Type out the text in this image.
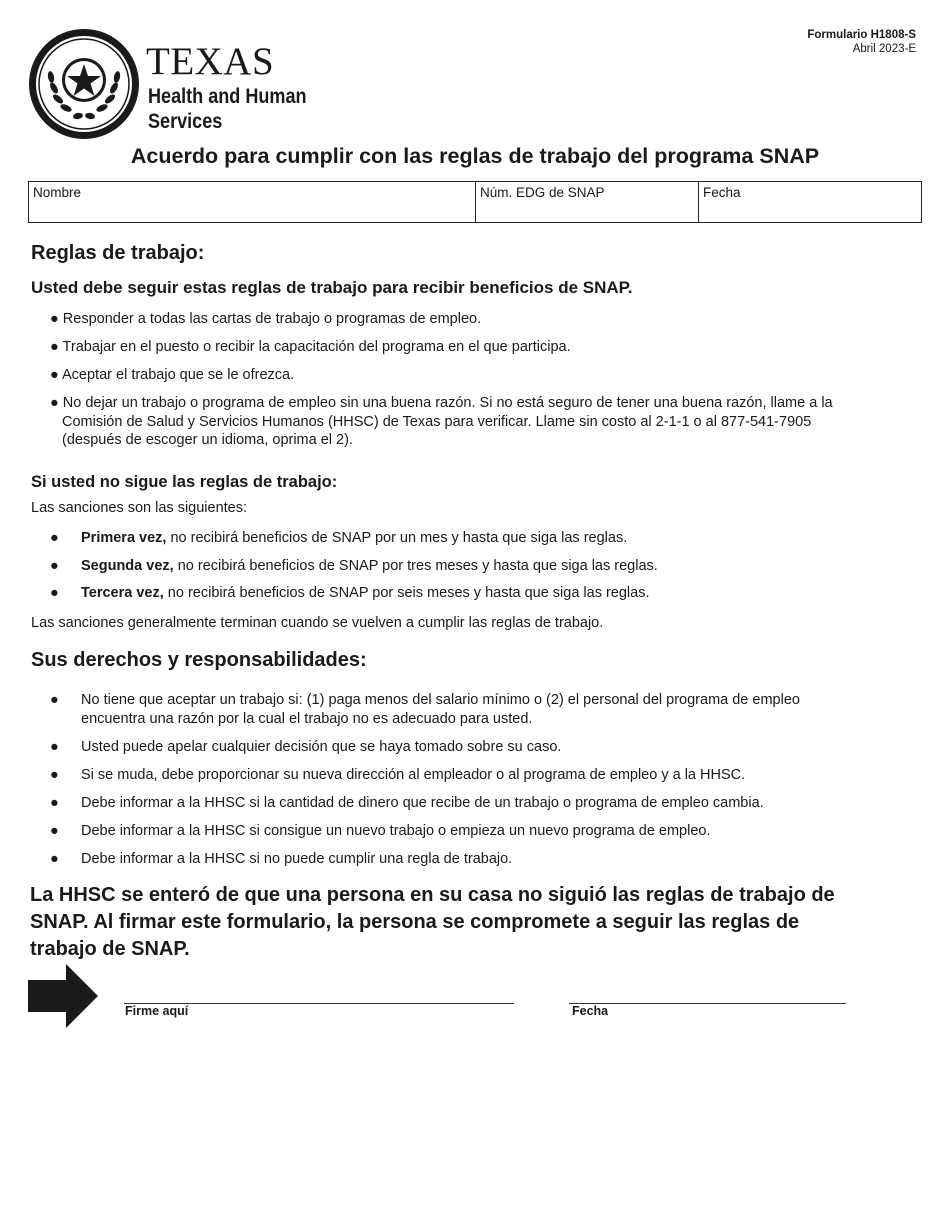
TEXAS
Health and Human
Services
Formulario H1808-S
Abril 2023-E
Acuerdo para cumplir con las reglas de trabajo del programa SNAP
Nombre	Núm. EDG de SNAP	Fecha
Reglas de trabajo:
Usted debe seguir estas reglas de trabajo para recibir beneficios de SNAP.
● Responder a todas las cartas de trabajo o programas de empleo.
● Trabajar en el puesto o recibir la capacitación del programa en el que participa.
● Aceptar el trabajo que se le ofrezca.
● No dejar un trabajo o programa de empleo sin una buena razón. Si no está seguro de tener una buena razón, llame a la
Comisión de Salud y Servicios Humanos (HHSC) de Texas para verificar. Llame sin costo al 2-1-1 o al 877-541-7905
(después de escoger un idioma, oprima el 2).
Si usted no sigue las reglas de trabajo:
Las sanciones son las siguientes:
● Primera vez, no recibirá beneficios de SNAP por un mes y hasta que siga las reglas.
● Segunda vez, no recibirá beneficios de SNAP por tres meses y hasta que siga las reglas.
● Tercera vez, no recibirá beneficios de SNAP por seis meses y hasta que siga las reglas.
Las sanciones generalmente terminan cuando se vuelven a cumplir las reglas de trabajo.
Sus derechos y responsabilidades:
● No tiene que aceptar un trabajo si: (1) paga menos del salario mínimo o (2) el personal del programa de empleo
encuentra una razón por la cual el trabajo no es adecuado para usted.
● Usted puede apelar cualquier decisión que se haya tomado sobre su caso.
● Si se muda, debe proporcionar su nueva dirección al empleador o al programa de empleo y a la HHSC.
● Debe informar a la HHSC si la cantidad de dinero que recibe de un trabajo o programa de empleo cambia.
● Debe informar a la HHSC si consigue un nuevo trabajo o empieza un nuevo programa de empleo.
● Debe informar a la HHSC si no puede cumplir una regla de trabajo.
La HHSC se enteró de que una persona en su casa no siguió las reglas de trabajo de
SNAP. Al firmar este formulario, la persona se compromete a seguir las reglas de
trabajo de SNAP.
Firme aquí	Fecha
